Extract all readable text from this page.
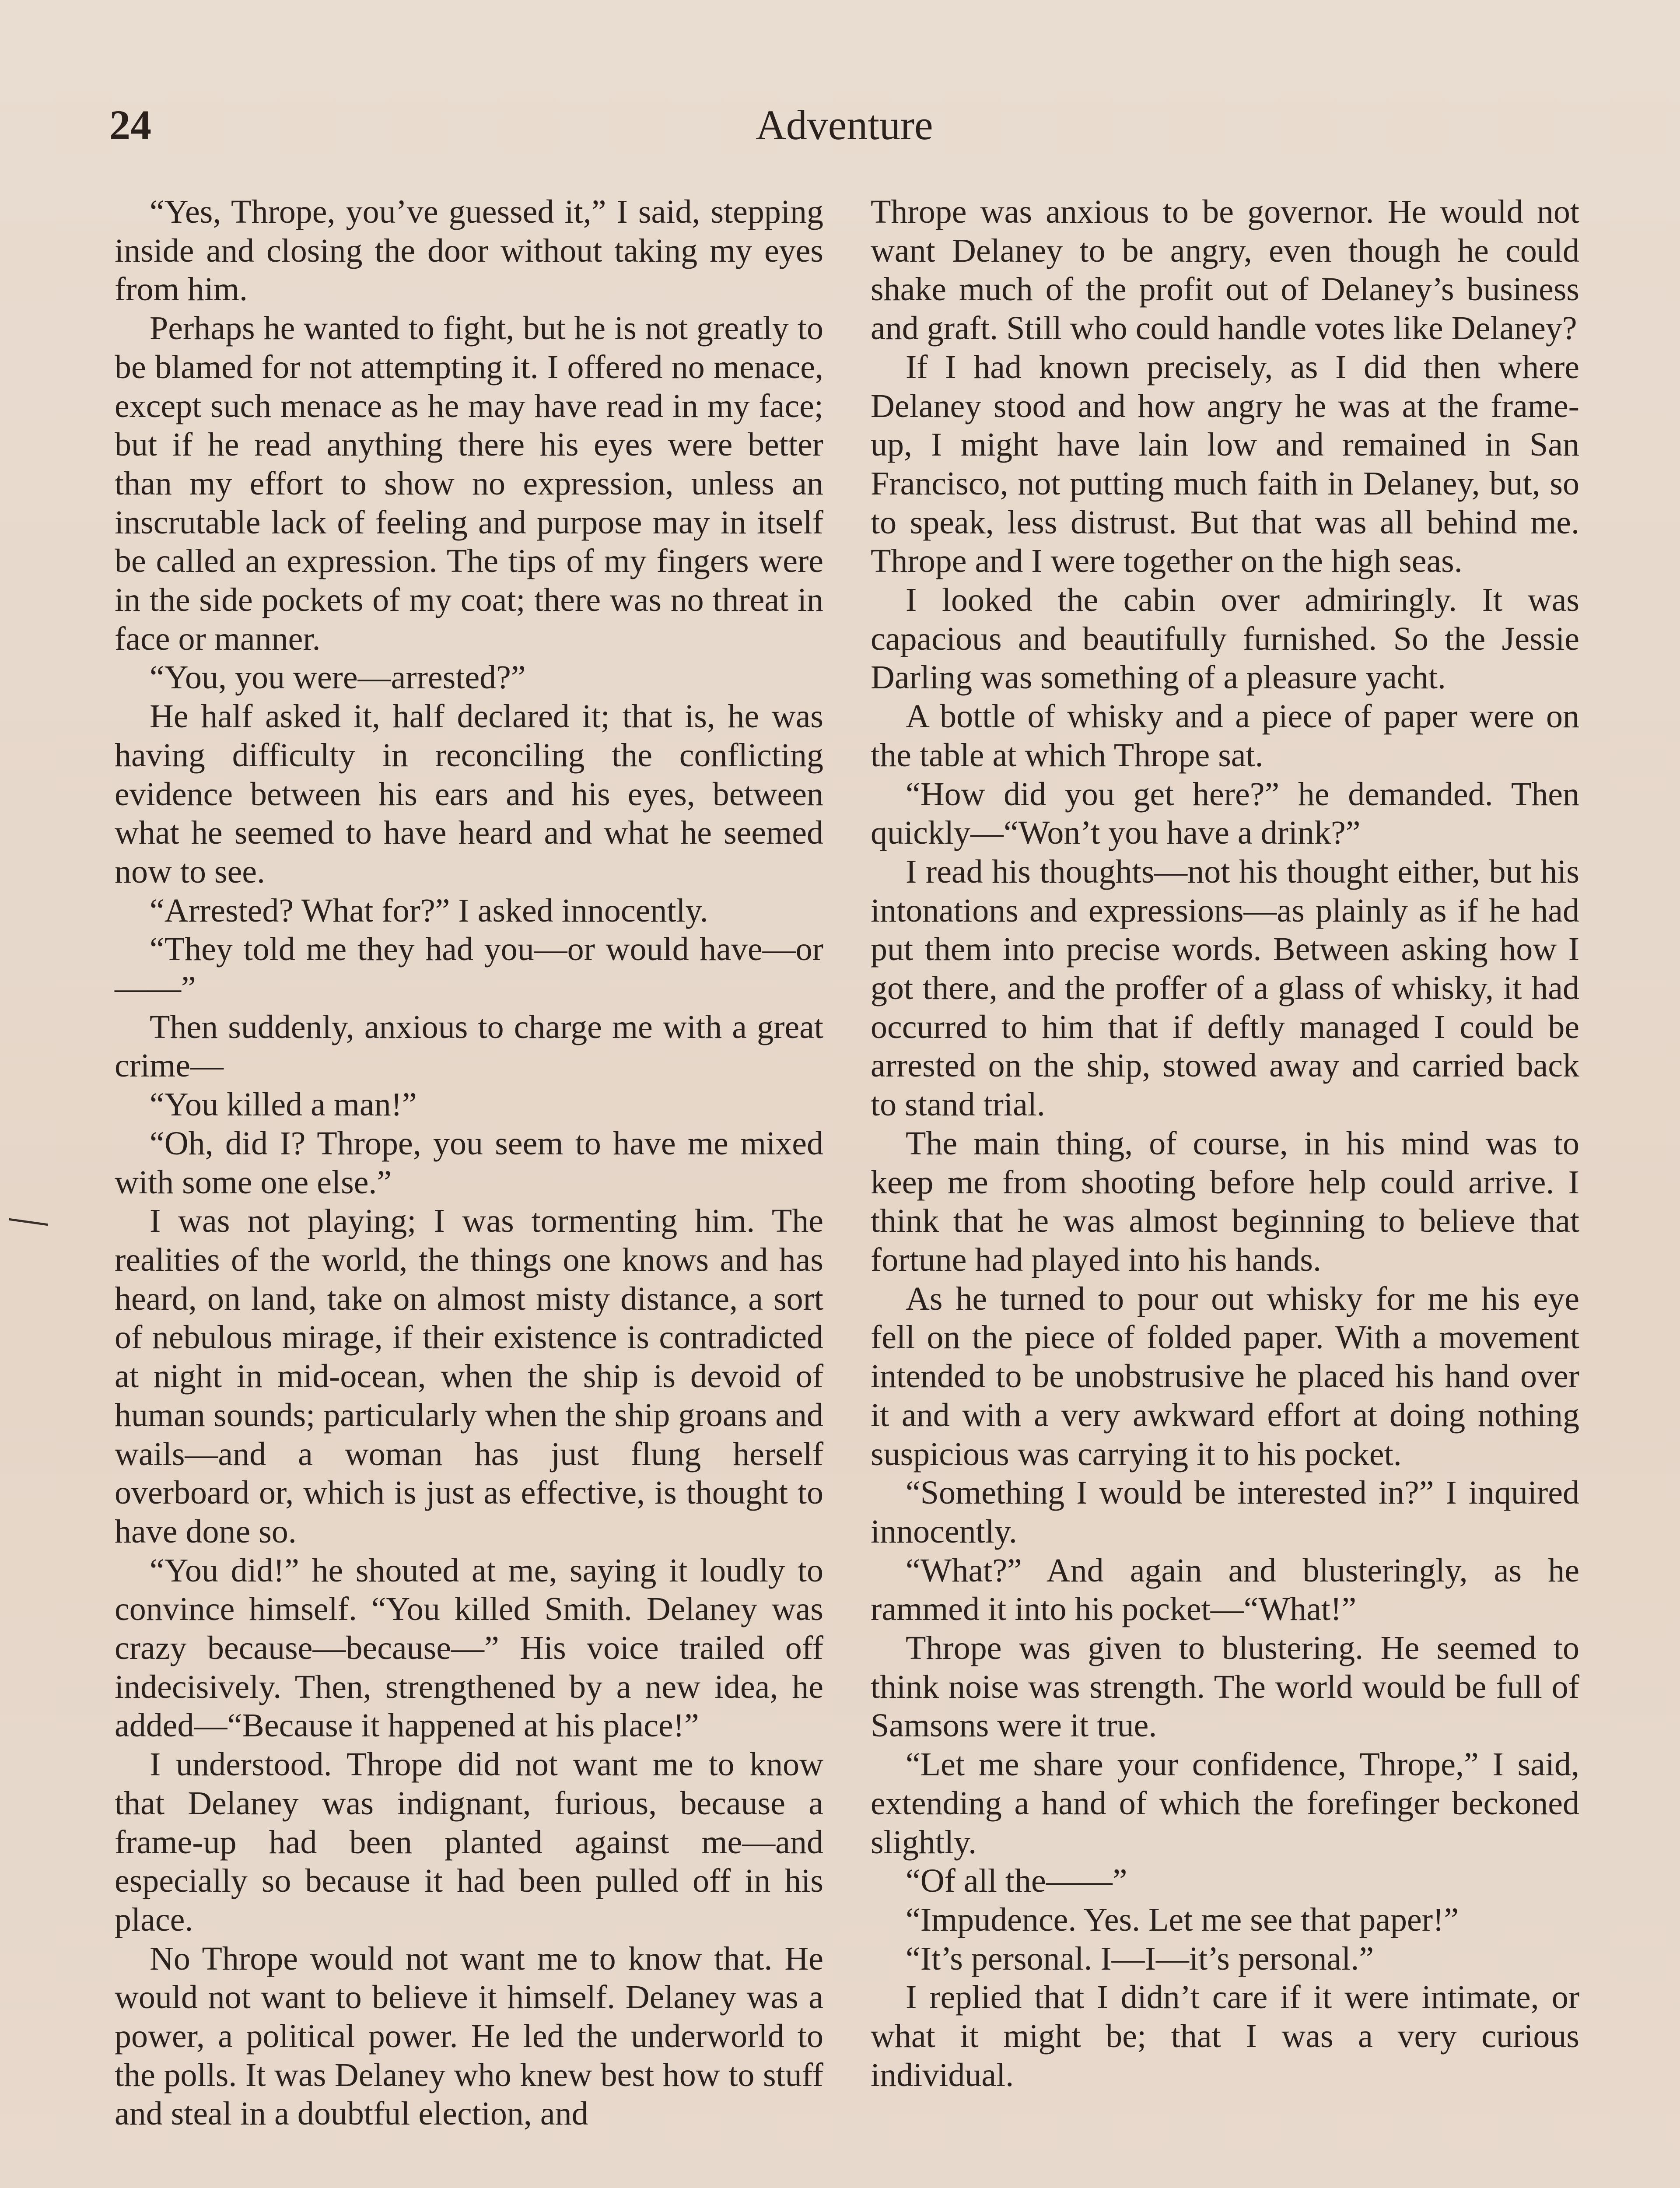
24	Adventure

“Yes, Thrope, you’ve guessed it,” I said, stepping inside and closing the door without taking my eyes from him.

Perhaps he wanted to fight, but he is not greatly to be blamed for not attempting it. I offered no menace, except such menace as he may have read in my face; but if he read anything there his eyes were better than my effort to show no expression, unless an inscrutable lack of feeling and purpose may in itself be called an expression. The tips of my fingers were in the side pockets of my coat; there was no threat in face or manner.

“You, you were—arrested?”

He half asked it, half declared it; that is, he was having difficulty in reconciling the conflicting evidence between his ears and his eyes, between what he seemed to have heard and what he seemed now to see.

“Arrested? What for?” I asked innocently.

“They told me they had you—or would have—or——”

Then suddenly, anxious to charge me with a great crime—

“You killed a man!”

“Oh, did I? Thrope, you seem to have me mixed with some one else.”

I was not playing; I was tormenting him. The realities of the world, the things one knows and has heard, on land, take on almost misty distance, a sort of nebulous mirage, if their existence is contradicted at night in mid-ocean, when the ship is devoid of human sounds; particularly when the ship groans and wails—and a woman has just flung herself overboard or, which is just as effective, is thought to have done so.

“You did!” he shouted at me, saying it loudly to convince himself. “You killed Smith. Delaney was crazy because—because—” His voice trailed off indecisively. Then, strengthened by a new idea, he added—“Because it happened at his place!”

I understood. Thrope did not want me to know that Delaney was indignant, furious, because a frame-up had been planted against me—and especially so because it had been pulled off in his place.

No Thrope would not want me to know that. He would not want to believe it himself. Delaney was a power, a political power. He led the underworld to the polls. It was Delaney who knew best how to stuff and steal in a doubtful election, and

Thrope was anxious to be governor. He would not want Delaney to be angry, even though he could shake much of the profit out of Delaney’s business and graft. Still who could handle votes like Delaney?

If I had known precisely, as I did then where Delaney stood and how angry he was at the frame-up, I might have lain low and remained in San Francisco, not putting much faith in Delaney, but, so to speak, less distrust. But that was all behind me. Thrope and I were together on the high seas.

I looked the cabin over admiringly. It was capacious and beautifully furnished. So the Jessie Darling was something of a pleasure yacht.

A bottle of whisky and a piece of paper were on the table at which Thrope sat.

“How did you get here?” he demanded. Then quickly—“Won’t you have a drink?”

I read his thoughts—not his thought either, but his intonations and expressions—as plainly as if he had put them into precise words. Between asking how I got there, and the proffer of a glass of whisky, it had occurred to him that if deftly managed I could be arrested on the ship, stowed away and carried back to stand trial.

The main thing, of course, in his mind was to keep me from shooting before help could arrive. I think that he was almost beginning to believe that fortune had played into his hands.

As he turned to pour out whisky for me his eye fell on the piece of folded paper. With a movement intended to be unobstrusive he placed his hand over it and with a very awkward effort at doing nothing suspicious was carrying it to his pocket.

“Something I would be interested in?” I inquired innocently.

“What?” And again and blusteringly, as he rammed it into his pocket—“What!”

Thrope was given to blustering. He seemed to think noise was strength. The world would be full of Samsons were it true.

“Let me share your confidence, Thrope,” I said, extending a hand of which the forefinger beckoned slightly.

“Of all the——”

“Impudence. Yes. Let me see that paper!”

“It’s personal. I—I—it’s personal.”

I replied that I didn’t care if it were intimate, or what it might be; that I was a very curious individual.
